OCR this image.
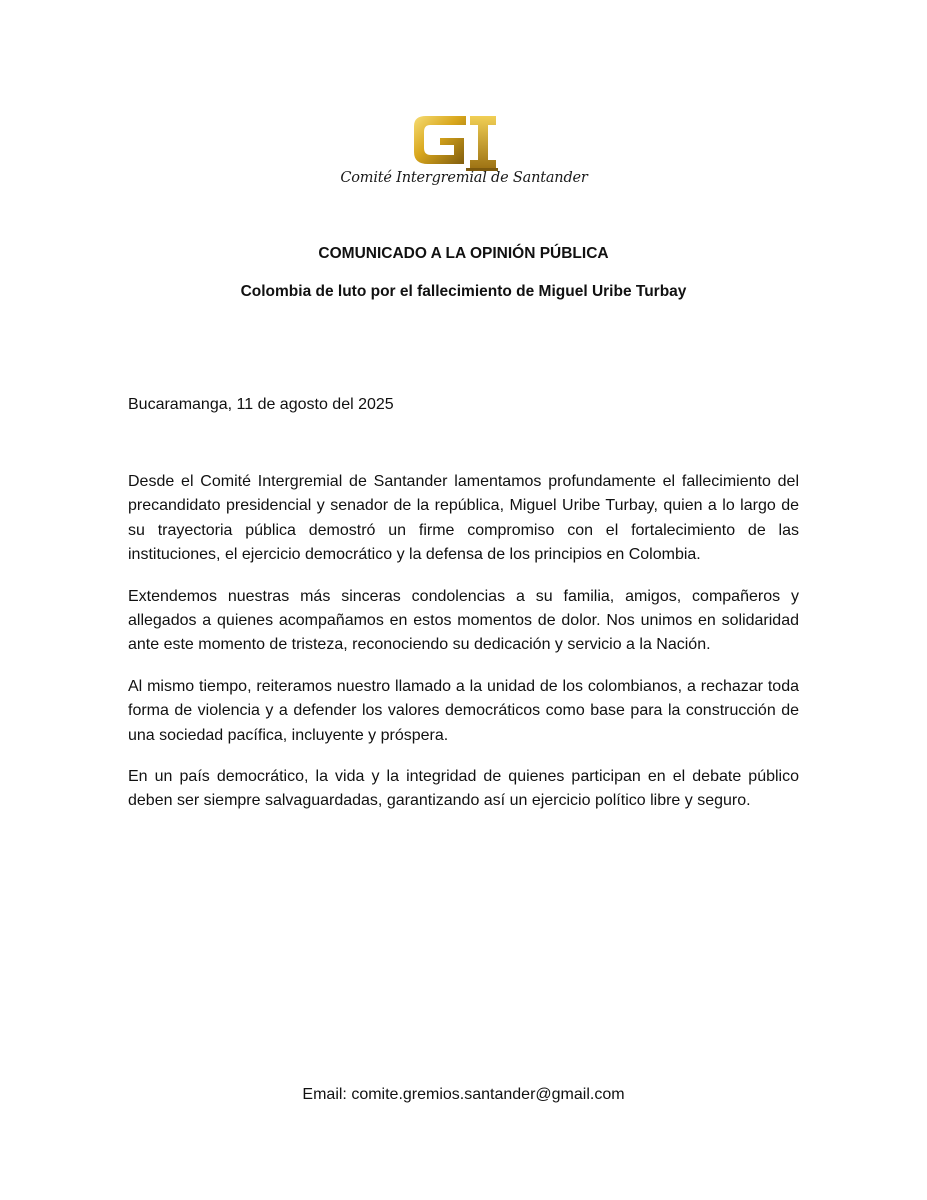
Comité Intergremial de Santander
COMUNICADO A LA OPINIÓN PÚBLICA
Colombia de luto por el fallecimiento de Miguel Uribe Turbay
Bucaramanga, 11 de agosto del 2025

Desde el Comité Intergremial de Santander lamentamos profundamente el fallecimiento del precandidato presidencial y senador de la república, Miguel Uribe Turbay, quien a lo largo de su trayectoria pública demostró un firme compromiso con el fortalecimiento de las instituciones, el ejercicio democrático y la defensa de los principios en Colombia.

Extendemos nuestras más sinceras condolencias a su familia, amigos, compañeros y allegados a quienes acompañamos en estos momentos de dolor. Nos unimos en solidaridad ante este momento de tristeza, reconociendo su dedicación y servicio a la Nación.

Al mismo tiempo, reiteramos nuestro llamado a la unidad de los colombianos, a rechazar toda forma de violencia y a defender los valores democráticos como base para la construcción de una sociedad pacífica, incluyente y próspera.

En un país democrático, la vida y la integridad de quienes participan en el debate público deben ser siempre salvaguardadas, garantizando así un ejercicio político libre y seguro.

Email: comite.gremios.santander@gmail.com
